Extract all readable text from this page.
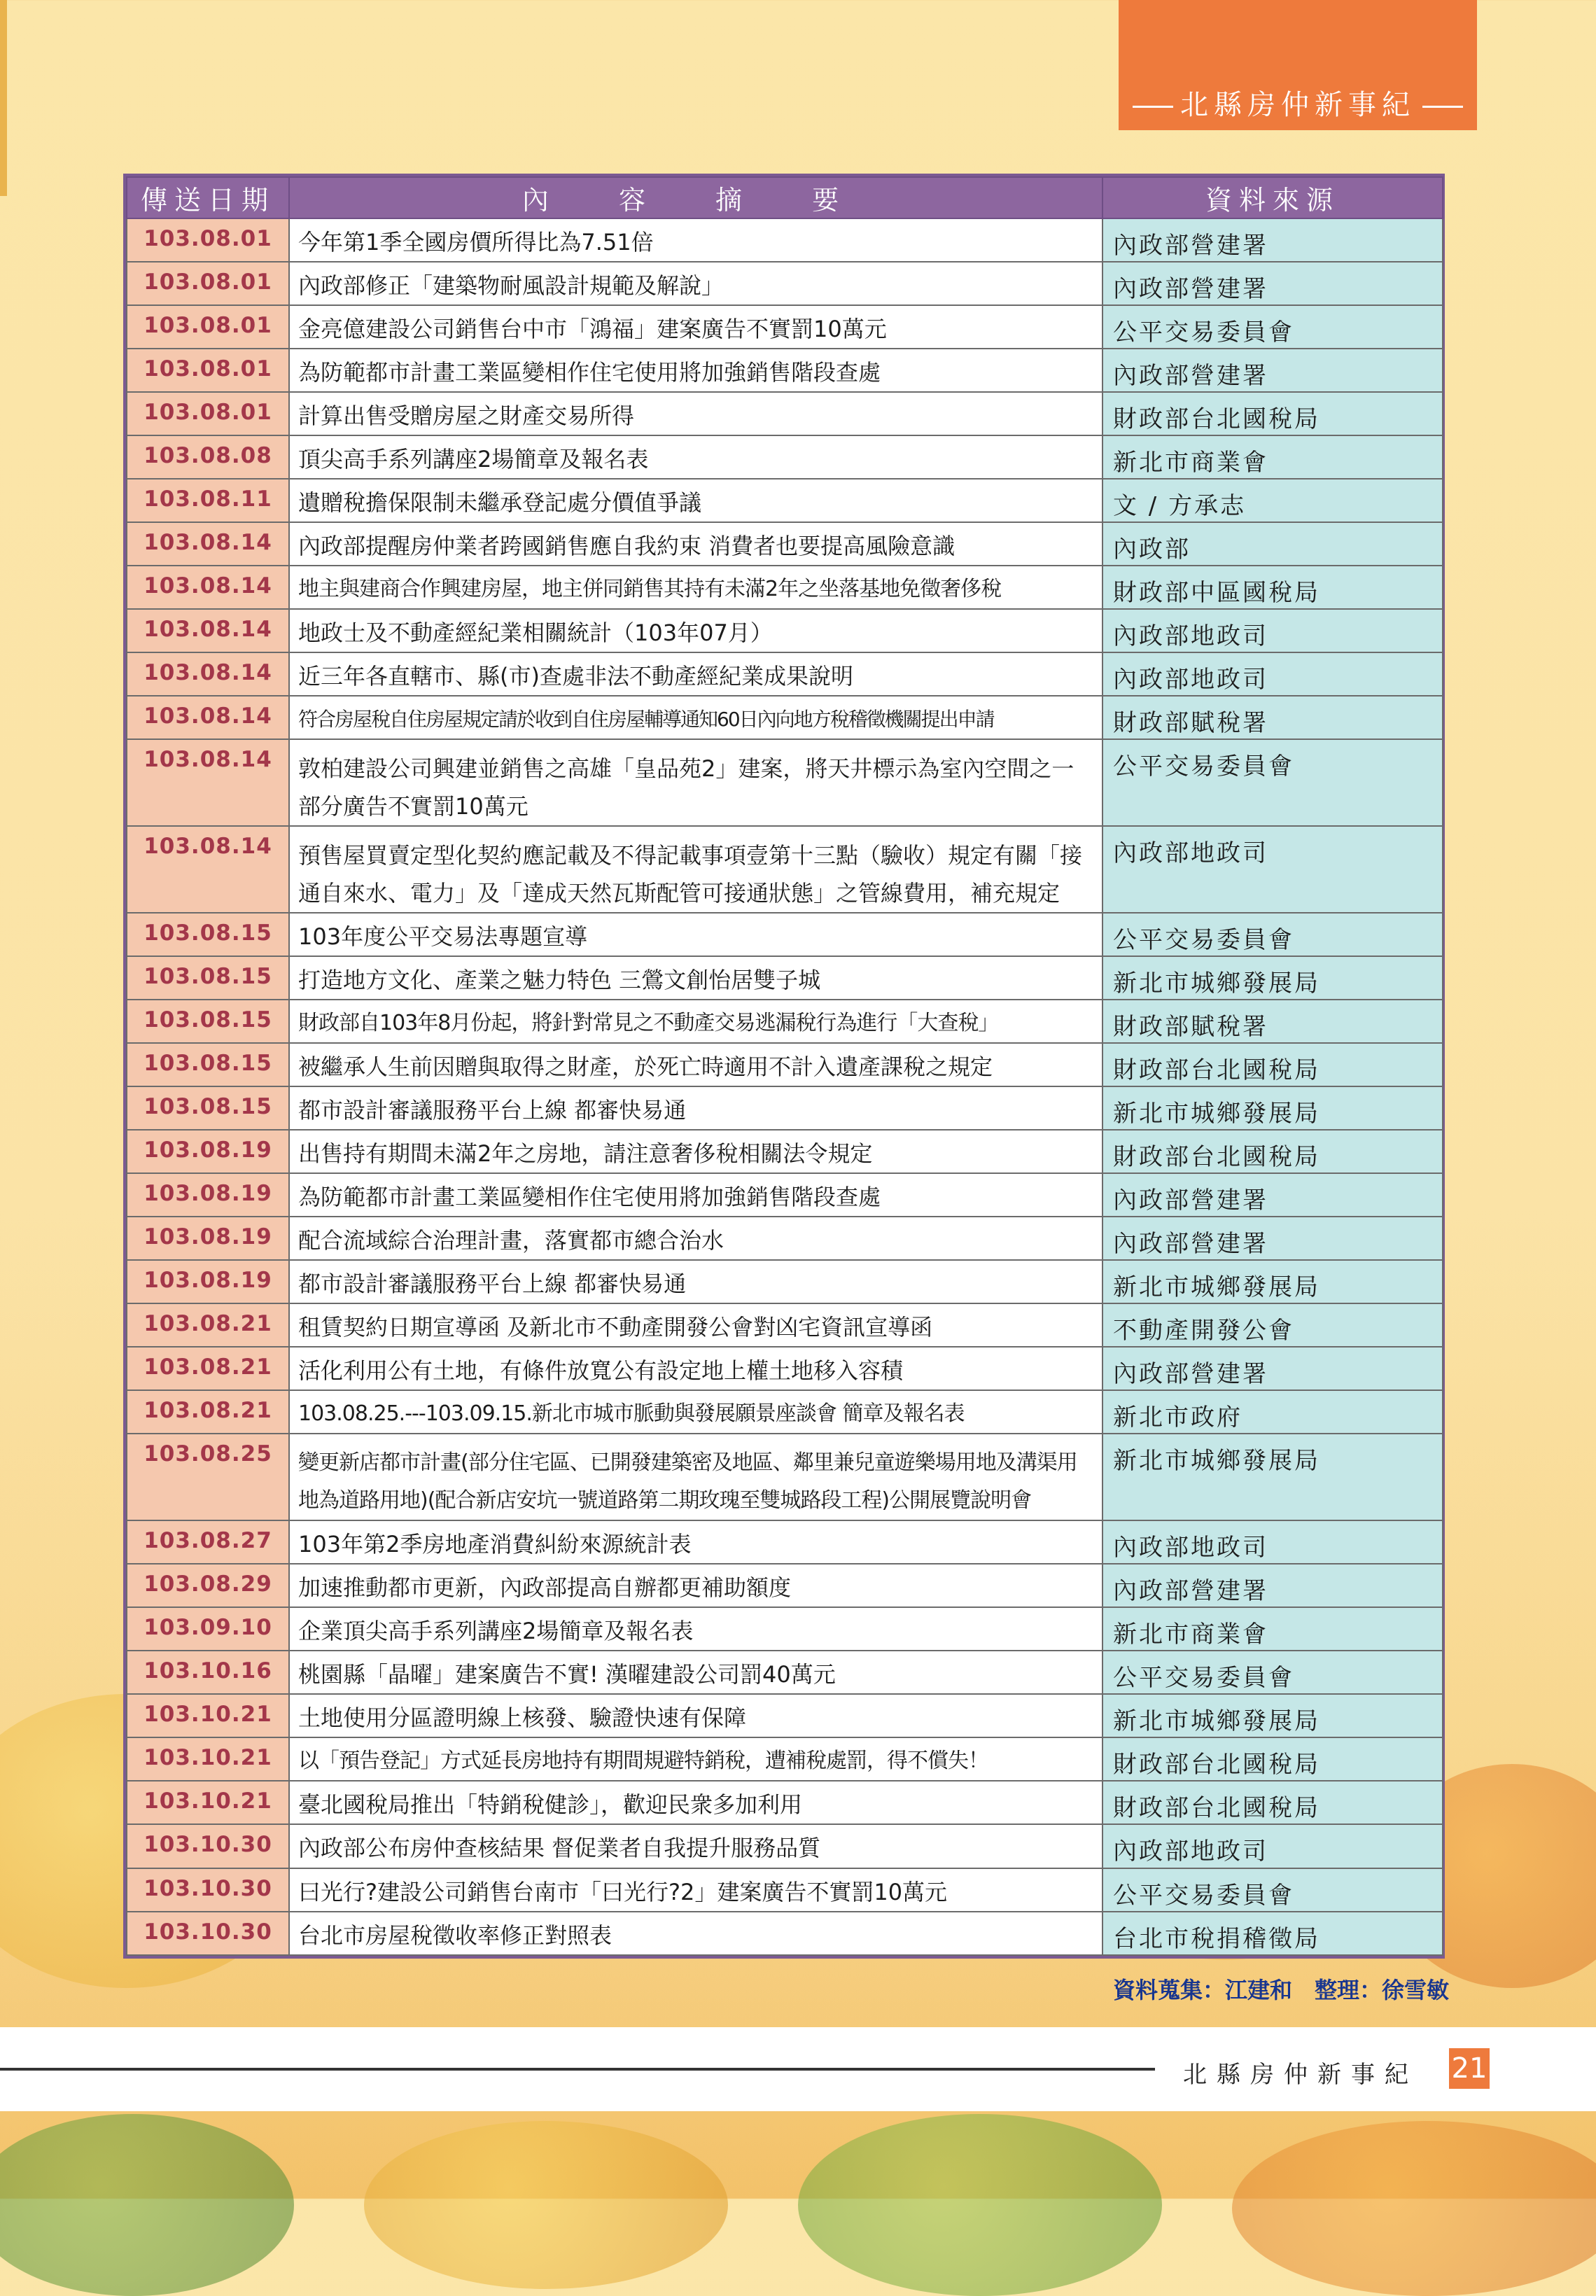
北縣房仲新事紀
傳送日期	內 容 摘 要	資料來源
103.08.01	今年第1季全國房價所得比為7.51倍	內政部營建署
103.08.01	內政部修正「建築物耐風設計規範及解說」	內政部營建署
103.08.01	金亮億建設公司銷售台中市「鴻福」建案廣告不實罰10萬元	公平交易委員會
103.08.01	為防範都市計畫工業區變相作住宅使用將加強銷售階段查處	內政部營建署
103.08.01	計算出售受贈房屋之財產交易所得	財政部台北國稅局
103.08.08	頂尖高手系列講座2場簡章及報名表	新北市商業會
103.08.11	遺贈稅擔保限制未繼承登記處分價值爭議	文 / 方承志
103.08.14	內政部提醒房仲業者跨國銷售應自我約束 消費者也要提高風險意識	內政部
103.08.14	地主與建商合作興建房屋，地主併同銷售其持有未滿2年之坐落基地免徵奢侈稅	財政部中區國稅局
103.08.14	地政士及不動產經紀業相關統計（103年07月）	內政部地政司
103.08.14	近三年各直轄市、縣(市)查處非法不動產經紀業成果說明	內政部地政司
103.08.14	符合房屋稅自住房屋規定請於收到自住房屋輔導通知60日內向地方稅稽徵機關提出申請	財政部賦稅署
103.08.14	敦柏建設公司興建並銷售之高雄「皇品苑2」建案，將天井標示為室內空間之一部分廣告不實罰10萬元	公平交易委員會
103.08.14	預售屋買賣定型化契約應記載及不得記載事項壹第十三點（驗收）規定有關「接通自來水、電力」及「達成天然瓦斯配管可接通狀態」之管線費用，補充規定	內政部地政司
103.08.15	103年度公平交易法專題宣導	公平交易委員會
103.08.15	打造地方文化、產業之魅力特色 三鶯文創怡居雙子城	新北市城鄉發展局
103.08.15	財政部自103年8月份起，將針對常見之不動產交易逃漏稅行為進行「大查稅」	財政部賦稅署
103.08.15	被繼承人生前因贈與取得之財產，於死亡時適用不計入遺產課稅之規定	財政部台北國稅局
103.08.15	都市設計審議服務平台上線 都審快易通	新北市城鄉發展局
103.08.19	出售持有期間未滿2年之房地，請注意奢侈稅相關法令規定	財政部台北國稅局
103.08.19	為防範都市計畫工業區變相作住宅使用將加強銷售階段查處	內政部營建署
103.08.19	配合流域綜合治理計畫，落實都市總合治水	內政部營建署
103.08.19	都市設計審議服務平台上線 都審快易通	新北市城鄉發展局
103.08.21	租賃契約日期宣導函 及新北市不動產開發公會對凶宅資訊宣導函	不動產開發公會
103.08.21	活化利用公有土地，有條件放寬公有設定地上權土地移入容積	內政部營建署
103.08.21	103.08.25.---103.09.15.新北市城市脈動與發展願景座談會 簡章及報名表	新北市政府
103.08.25	變更新店都市計畫(部分住宅區、已開發建築密及地區、鄰里兼兒童遊樂場用地及溝渠用地為道路用地)(配合新店安坑一號道路第二期玫瑰至雙城路段工程)公開展覽說明會	新北市城鄉發展局
103.08.27	103年第2季房地產消費糾紛來源統計表	內政部地政司
103.08.29	加速推動都市更新，內政部提高自辦都更補助額度	內政部營建署
103.09.10	企業頂尖高手系列講座2場簡章及報名表	新北市商業會
103.10.16	桃園縣「晶曜」建案廣告不實! 漢曜建設公司罰40萬元	公平交易委員會
103.10.21	土地使用分區證明線上核發、驗證快速有保障	新北市城鄉發展局
103.10.21	以「預告登記」方式延長房地持有期間規避特銷稅，遭補稅處罰，得不償失！	財政部台北國稅局
103.10.21	臺北國稅局推出「特銷稅健診」，歡迎民衆多加利用	財政部台北國稅局
103.10.30	內政部公布房仲查核結果 督促業者自我提升服務品質	內政部地政司
103.10.30	曰光行?建設公司銷售台南市「曰光行?2」建案廣告不實罰10萬元	公平交易委員會
103.10.30	台北市房屋稅徵收率修正對照表	台北市稅捐稽徵局
資料蒐集：江建和　整理：徐雪敏
北縣房仲新事紀 21
